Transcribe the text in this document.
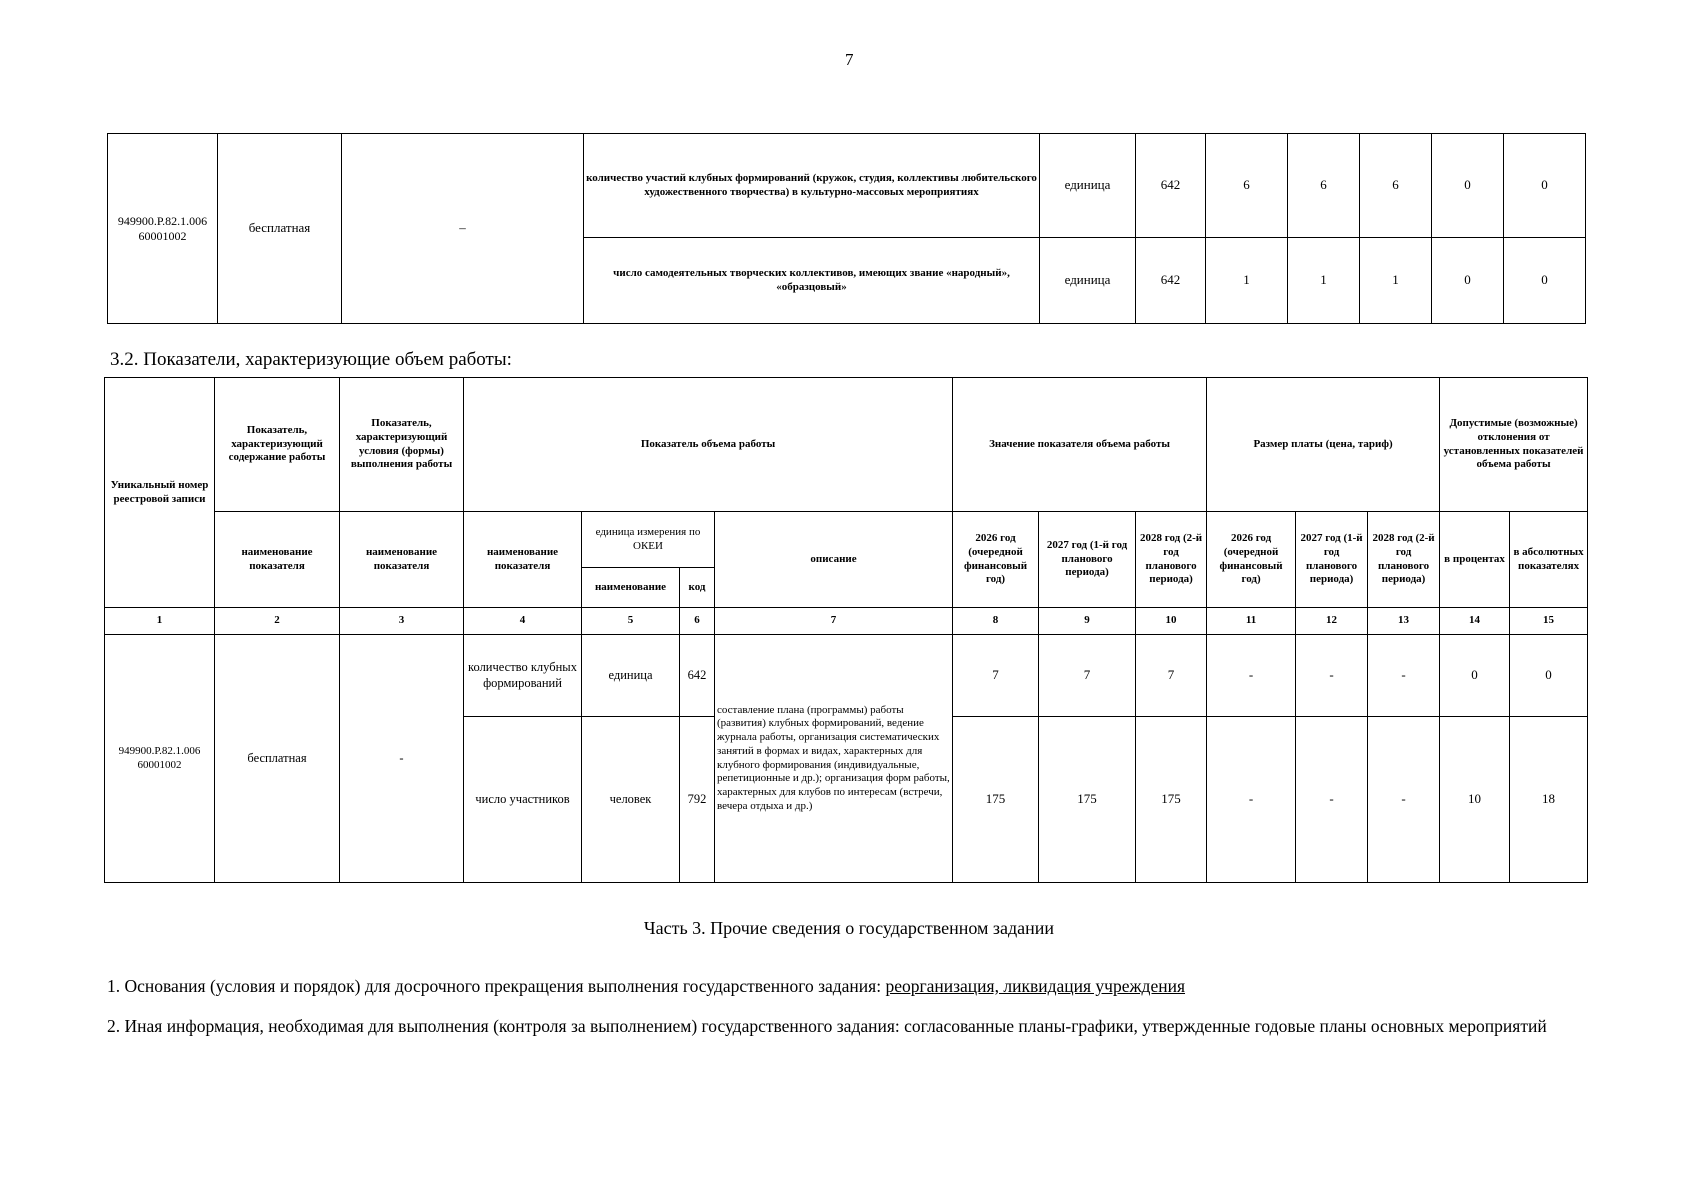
7
949900.Р.82.1.006 60001002	бесплатная	–	количество участий клубных формирований (кружок, студия, коллективы любительского художественного творчества) в культурно-массовых мероприятиях	единица	642	6	6	6	0	0
			число самодеятельных творческих коллективов, имеющих звание «народный», «образцовый»	единица	642	1	1	1	0	0
3.2. Показатели, характеризующие объем работы:
Уникальный номер реестровой записи	Показатель, характеризующий содержание работы	Показатель, характеризующий условия (формы) выполнения работы	Показатель объема работы				Значение показателя объема работы			Размер платы (цена, тариф)			Допустимые (возможные) отклонения от установленных показателей объема работы	
	наименование показателя	наименование показателя	наименование показателя	единица измерения по ОКЕИ		описание	2026 год (очередной финансовый год)	2027 год (1-й год планового периода)	2028 год (2-й год планового периода)	2026 год (очередной финансовый год)	2027 год (1-й год планового периода)	2028 год (2-й год планового периода)	в процентах	в абсолютных показателях
				наименование	код									
1	2	3	4	5	6	7	8	9	10	11	12	13	14	15
949900.Р.82.1.006 60001002	бесплатная	-	количество клубных формирований	единица	642	составление плана (программы) работы (развития) клубных формирований, ведение журнала работы, организация систематических занятий в формах и видах, характерных для клубного формирования (индивидуальные, репетиционные и др.); организация форм работы, характерных для клубов по интересам (встречи, вечера отдыха и др.)	7	7	7	-	-	-	0	0
			число участников	человек	792		175	175	175	-	-	-	10	18
Часть 3. Прочие сведения о государственном задании
1. Основания (условия и порядок) для досрочного прекращения выполнения государственного задания: реорганизация, ликвидация учреждения
2. Иная информация, необходимая для выполнения (контроля за выполнением) государственного задания: согласованные планы-графики, утвержденные годовые планы основных мероприятий
